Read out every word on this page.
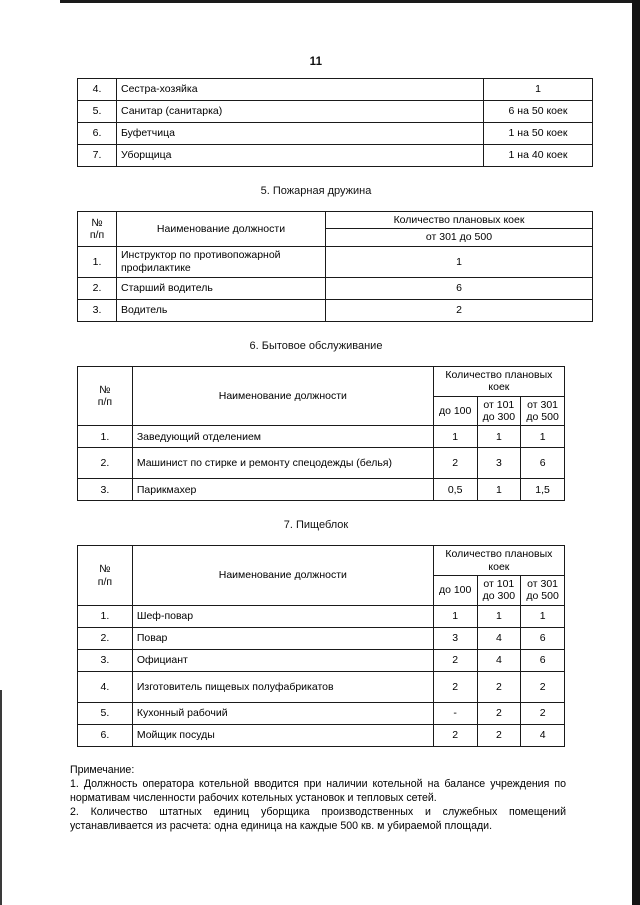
11
4.	Сестра-хозяйка	1
5.	Санитар (санитарка)	6 на 50 коек
6.	Буфетчица	1 на 50 коек
7.	Уборщица	1 на 40 коек
5. Пожарная дружина
№
п/п	Наименование должности	Количество плановых коек
		от 301 до 500
1.	Инструктор по противопожарной профилактике	1
2.	Старший водитель	6
3.	Водитель	2
6. Бытовое обслуживание
№
п/п	Наименование должности	Количество плановых коек		
		до 100	от 101 до 300	от 301 до 500
1.	Заведующий отделением	1	1	1
2.	Машинист по стирке и ремонту спецодежды (белья)	2	3	6
3.	Парикмахер	0,5	1	1,5
7. Пищеблок
№
п/п	Наименование должности	Количество плановых коек		
		до 100	от 101 до 300	от 301 до 500
1.	Шеф-повар	1	1	1
2.	Повар	3	4	6
3.	Официант	2	4	6
4.	Изготовитель пищевых полуфабрикатов	2	2	2
5.	Кухонный рабочий	-	2	2
6.	Мойщик посуды	2	2	4

Примечание:

1. Должность оператора котельной вводится при наличии котельной на балансе учреждения по нормативам численности рабочих котельных установок и тепловых сетей.

2. Количество штатных единиц уборщика производственных и служебных помещений устанавливается из расчета: одна единица на каждые 500 кв. м убираемой площади.
